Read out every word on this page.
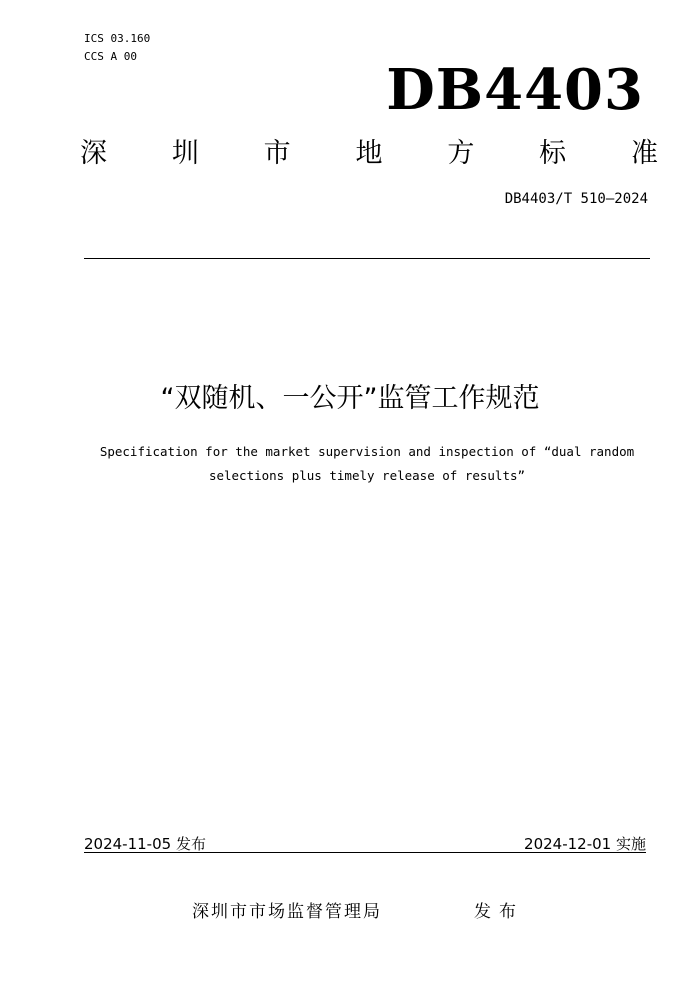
ICS 03.160
CCS A 00
DB4403
深 圳 市 地 方 标 准
DB4403/T 510—2024
“双随机、一公开”监管工作规范
Specification for the market supervision and inspection of “dual random selections plus timely release of results”
2024-11-05 发布	2024-12-01 实施
深圳市市场监督管理局	发布
